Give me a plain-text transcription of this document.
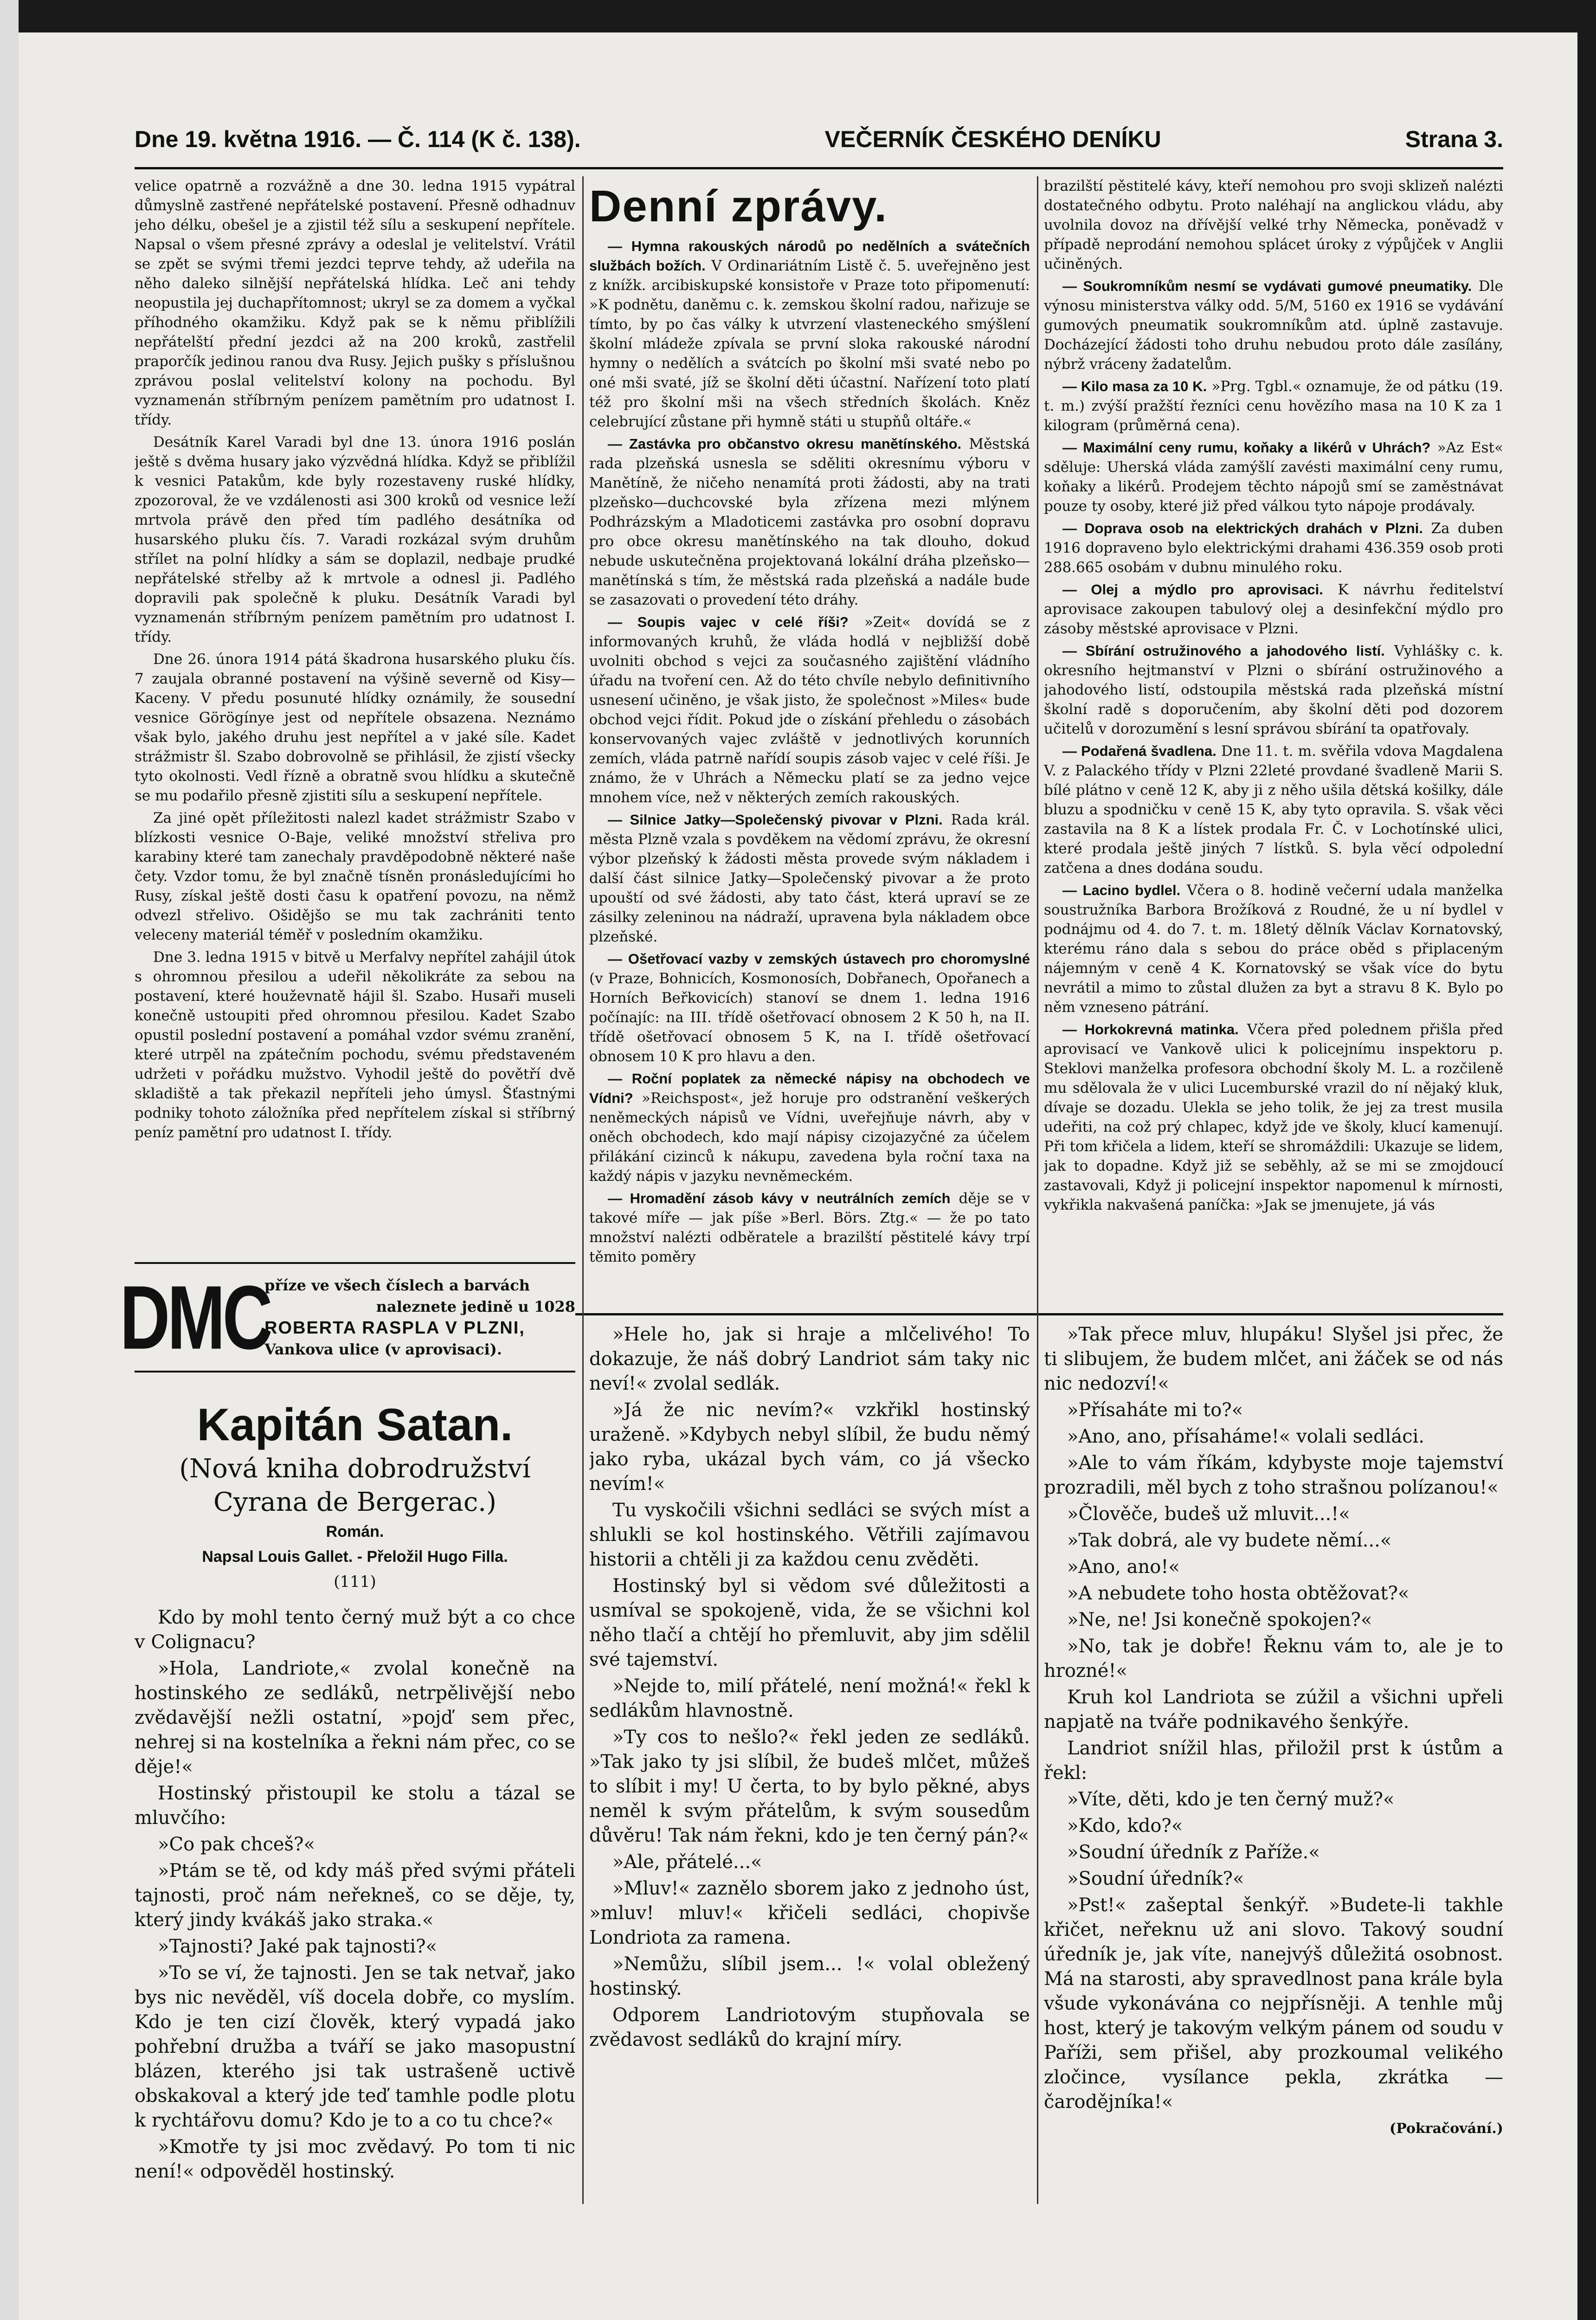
Dne 19. května 1916. — Č. 114 (K č. 138).	VEČERNÍK ČESKÉHO DENÍKU	Strana 3.

velice opatrně a rozvážně a dne 30. ledna 1915 vypátral důmyslně zastřené nepřátelské postavení. Přesně odhadnuv jeho délku, obešel je a zjistil též sílu a seskupení nepřítele. Napsal o všem přesné zprávy a odeslal je velitelství. Vrátil se zpět se svými třemi jezdci teprve tehdy, až udeřila na něho daleko silnější nepřátelská hlídka. Leč ani tehdy neopustila jej duchapřítomnost; ukryl se za domem a vyčkal příhodného okamžiku. Když pak se k němu přiblížili nepřátelští přední jezdci až na 200 kroků, zastřelil praporčík jedinou ranou dva Rusy. Jejich pušky s příslušnou zprávou poslal velitelství kolony na pochodu. Byl vyznamenán stříbrným penízem pamětním pro udatnost I. třídy.

Desátník Karel Varadi byl dne 13. února 1916 poslán ještě s dvěma husary jako výzvědná hlídka. Když se přiblížil k vesnici Patakům, kde byly rozestaveny ruské hlídky, zpozoroval, že ve vzdálenosti asi 300 kroků od vesnice leží mrtvola právě den před tím padlého desátníka od husarského pluku čís. 7. Varadi rozkázal svým druhům střílet na polní hlídky a sám se doplazil, nedbaje prudké nepřátelské střelby až k mrtvole a odnesl ji. Padlého dopravili pak společně k pluku. Desátník Varadi byl vyznamenán stříbrným penízem pamětním pro udatnost I. třídy.

Dne 26. února 1914 pátá škadrona husarského pluku čís. 7 zaujala obranné postavení na výšině severně od Kisy—Kaceny. V předu posunuté hlídky oznámily, že sousední vesnice Görögínye jest od nepřítele obsazena. Neznámo však bylo, jakého druhu jest nepřítel a v jaké síle. Kadet strážmistr šl. Szabo dobrovolně se přihlásil, že zjistí všecky tyto okolnosti. Vedl řízně a obratně svou hlídku a skutečně se mu podařilo přesně zjistiti sílu a seskupení nepřítele.

Za jiné opět příležitosti nalezl kadet strážmistr Szabo v blízkosti vesnice O-Baje, veliké množství střeliva pro karabiny které tam zanechaly pravděpodobně některé naše čety. Vzdor tomu, že byl značně tísněn pronásledujícími ho Rusy, získal ještě dosti času k opatření povozu, na němž odvezl střelivo. Ošidějšo se mu tak zachrániti tento veleceny materiál téměř v posledním okamžiku.

Dne 3. ledna 1915 v bitvě u Merfalvy nepřítel zahájil útok s ohromnou přesilou a udeřil několikráte za sebou na postavení, které houževnatě hájil šl. Szabo. Husaři museli konečně ustoupiti před ohromnou přesilou. Kadet Szabo opustil poslední postavení a pomáhal vzdor svému zranění, které utrpěl na zpátečním pochodu, svému představeném udržeti v pořádku mužstvo. Vyhodil ještě do povětří dvě skladiště a tak překazil nepříteli jeho úmysl. Šťastnými podniky tohoto záložníka před nepřítelem získal si stříbrný peníz pamětní pro udatnost I. třídy.

Denní zprávy.

— Hymna rakouských národů po nedělních a svátečních službách božích. V Ordinariátním Listě č. 5. uveřejněno jest z knížk. arcibiskupské konsistoře v Praze toto připomenutí: »K podnětu, daněmu c. k. zemskou školní radou, nařizuje se tímto, by po čas války k utvrzení vlasteneckého smýšlení školní mládeže zpívala se první sloka rakouské národní hymny o nedělích a svátcích po školní mši svaté nebo po oné mši svaté, jíž se školní děti účastní. Nařízení toto platí též pro školní mši na všech středních školách. Kněz celebrující zůstane při hymně státi u stupňů oltáře.«

— Zastávka pro občanstvo okresu manětínského. Městská rada plzeňská usnesla se sděliti okresnímu výboru v Manětíně, že ničeho nenamítá proti žádosti, aby na trati plzeňsko—duchcovské byla zřízena mezi mlýnem Podhrázským a Mladoticemi zastávka pro osobní dopravu pro obce okresu manětínského na tak dlouho, dokud nebude uskutečněna projektovaná lokální dráha plzeňsko—manětínská s tím, že městská rada plzeňská a nadále bude se zasazovati o provedení této dráhy.

— Soupis vajec v celé říši? »Zeit« dovídá se z informovaných kruhů, že vláda hodlá v nejbližší době uvolniti obchod s vejci za současného zajištění vládního úřadu na tvoření cen. Až do této chvíle nebylo definitivního usnesení učiněno, je však jisto, že společnost »Miles« bude obchod vejci řídit. Pokud jde o získání přehledu o zásobách konservovaných vajec zvláště v jednotlivých korunních zemích, vláda patrně nařídí soupis zásob vajec v celé říši. Je známo, že v Uhrách a Německu platí se za jedno vejce mnohem více, než v některých zemích rakouských.

— Silnice Jatky—Společenský pivovar v Plzni. Rada král. města Plzně vzala s povděkem na vědomí zprávu, že okresní výbor plzeňský k žádosti města provede svým nákladem i další část silnice Jatky—Společenský pivovar a že proto upouští od své žádosti, aby tato část, která upraví se ze zásilky zeleninou na nádraží, upravena byla nákladem obce plzeňské.

— Ošetřovací vazby v zemských ústavech pro choromyslné (v Praze, Bohnicích, Kosmonosích, Dobřanech, Opořanech a Horních Beřkovicích) stanoví se dnem 1. ledna 1916 počínajíc: na III. třídě ošetřovací obnosem 2 K 50 h, na II. třídě ošetřovací obnosem 5 K, na I. třídě ošetřovací obnosem 10 K pro hlavu a den.

— Roční poplatek za německé nápisy na obchodech ve Vídni? »Reichspost«, jež horuje pro odstranění veškerých neněmeckých nápisů ve Vídni, uveřejňuje návrh, aby v oněch obchodech, kdo mají nápisy cizojazyčné za účelem přilákání cizinců k nákupu, zavedena byla roční taxa na každý nápis v jazyku nevněmeckém.

— Hromadění zásob kávy v neutrálních zemích děje se v takové míře — jak píše »Berl. Börs. Ztg.« — že po tato množství nalézti odběratele a brazilští pěstitelé kávy trpí těmito poměry

brazilští pěstitelé kávy, kteří nemohou pro svoji sklizeň nalézti dostatečného odbytu. Proto naléhají na anglickou vládu, aby uvolnila dovoz na dřívější velké trhy Německa, poněvadž v případě neprodání nemohou splácet úroky z výpůjček v Anglii učiněných.

— Soukromníkům nesmí se vydávati gumové pneumatiky. Dle výnosu ministerstva války odd. 5/M, 5160 ex 1916 se vydávání gumových pneumatik soukromníkům atd. úplně zastavuje. Docházející žádosti toho druhu nebudou proto dále zasílány, nýbrž vráceny žadatelům.

— Kilo masa za 10 K. »Prg. Tgbl.« oznamuje, že od pátku (19. t. m.) zvýší pražští řezníci cenu hovězího masa na 10 K za 1 kilogram (průměrná cena).

— Maximální ceny rumu, koňaky a likérů v Uhrách? »Az Est« sděluje: Uherská vláda zamýšlí zavésti maximální ceny rumu, koňaky a likérů. Prodejem těchto nápojů smí se zaměstnávat pouze ty osoby, které již před válkou tyto nápoje prodávaly.

— Doprava osob na elektrických drahách v Plzni. Za duben 1916 dopraveno bylo elektrickými drahami 436.359 osob proti 288.665 osobám v dubnu minulého roku.

— Olej a mýdlo pro aprovisaci. K návrhu ředitelství aprovisace zakoupen tabulový olej a desinfekční mýdlo pro zásoby městské aprovisace v Plzni.

— Sbírání ostružinového a jahodového listí. Vyhlášky c. k. okresního hejtmanství v Plzni o sbírání ostružinového a jahodového listí, odstoupila městská rada plzeňská místní školní radě s doporučením, aby školní děti pod dozorem učitelů v dorozumění s lesní správou sbírání ta opatřovaly.

— Podařená švadlena. Dne 11. t. m. svěřila vdova Magdalena V. z Palackého třídy v Plzni 22leté provdané švadleně Marii S. bílé plátno v ceně 12 K, aby ji z něho ušila dětská košilky, dále bluzu a spodničku v ceně 15 K, aby tyto opravila. S. však věci zastavila na 8 K a lístek prodala Fr. Č. v Lochotínské ulici, které prodala ještě jiných 7 lístků. S. byla věcí odpolední zatčena a dnes dodána soudu.

— Lacino bydlel. Včera o 8. hodině večerní udala manželka soustružníka Barbora Brožíková z Roudné, že u ní bydlel v podnájmu od 4. do 7. t. m. 18letý dělník Václav Kornatovský, kterému ráno dala s sebou do práce oběd s připlaceným nájemným v ceně 4 K. Kornatovský se však více do bytu nevrátil a mimo to zůstal dlužen za byt a stravu 8 K. Bylo po něm vzneseno pátrání.

— Horkokrevná matinka. Včera před polednem přišla před aprovisací ve Vankově ulici k policejnímu inspektoru p. Steklovi manželka profesora obchodní školy M. L. a rozčileně mu sdělovala že v ulici Lucemburské vrazil do ní nějaký kluk, dívaje se dozadu. Ulekla se jeho tolik, že jej za trest musila udeřiti, na což prý chlapec, když jde ve školy, klucí kamenují. Při tom křičela a lidem, kteří se shromáždili: Ukazuje se lidem, jak to dopadne. Když již se seběhly, až se mi se zmojdoucí zastavovali, Když ji policejní inspektor napomenul k mírnosti, vykřikla nakvašená paníčka: »Jak se jmenujete, já vás

DMC
příze ve všech číslech a barvách
naleznete jedině u 1028
ROBERTA RASPLA V PLZNI,
Vankova ulice (v aprovisaci).
Kapitán Satan.
(Nová kniha dobrodružství Cyrana de Bergerac.)
Román.
Napsal Louis Gallet. - Přeložil Hugo Filla.
(111)

Kdo by mohl tento černý muž být a co chce v Colignacu?

»Hola, Landriote,« zvolal konečně na hostinského ze sedláků, netrpělivější nebo zvědavější nežli ostatní, »pojď sem přec, nehrej si na kostelníka a řekni nám přec, co se děje!«

Hostinský přistoupil ke stolu a tázal se mluvčího:

»Co pak chceš?«

»Ptám se tě, od kdy máš před svými přáteli tajnosti, proč nám neřekneš, co se děje, ty, který jindy kvákáš jako straka.«

»Tajnosti? Jaké pak tajnosti?«

»To se ví, že tajnosti. Jen se tak netvař, jako bys nic nevěděl, víš docela dobře, co myslím. Kdo je ten cizí člověk, který vypadá jako pohřební družba a tváří se jako masopustní blázen, kterého jsi tak ustrašeně uctivě obskakoval a který jde teď tamhle podle plotu k rychtářovu domu? Kdo je to a co tu chce?«

»Kmotře ty jsi moc zvědavý. Po tom ti nic není!« odpověděl hostinský.

»Hele ho, jak si hraje a mlčelivého! To dokazuje, že náš dobrý Landriot sám taky nic neví!« zvolal sedlák.

»Já že nic nevím?« vzkřikl hostinský uraženě. »Kdybych nebyl slíbil, že budu němý jako ryba, ukázal bych vám, co já všecko nevím!«

Tu vyskočili všichni sedláci se svých míst a shlukli se kol hostinského. Větřili zajímavou historii a chtěli ji za každou cenu zvěděti.

Hostinský byl si vědom své důležitosti a usmíval se spokojeně, vida, že se všichni kol něho tlačí a chtějí ho přemluvit, aby jim sdělil své tajemství.

»Nejde to, milí přátelé, není možná!« řekl k sedlákům hlavnostně.

»Ty cos to nešlo?« řekl jeden ze sedláků. »Tak jako ty jsi slíbil, že budeš mlčet, můžeš to slíbit i my! U čerta, to by bylo pěkné, abys neměl k svým přátelům, k svým sousedům důvěru! Tak nám řekni, kdo je ten černý pán?«

»Ale, přátelé...«

»Mluv!« zaznělo sborem jako z jednoho úst, »mluv! mluv!« křičeli sedláci, chopivše Londriota za ramena.

»Nemůžu, slíbil jsem... !« volal obležený hostinský.

Odporem Landriotovým stupňovala se zvědavost sedláků do krajní míry.

»Tak přece mluv, hlupáku! Slyšel jsi přec, že ti slibujem, že budem mlčet, ani žáček se od nás nic nedozví!«

»Přísaháte mi to?«

»Ano, ano, přísaháme!« volali sedláci.

»Ale to vám říkám, kdybyste moje tajemství prozradili, měl bych z toho strašnou polízanou!«

»Člověče, budeš už mluvit...!«

»Tak dobrá, ale vy budete němí...«

»Ano, ano!«

»A nebudete toho hosta obtěžovat?«

»Ne, ne! Jsi konečně spokojen?«

»No, tak je dobře! Řeknu vám to, ale je to hrozné!«

Kruh kol Landriota se zúžil a všichni upřeli napjatě na tváře podnikavého šenkýře.

Landriot snížil hlas, přiložil prst k ústům a řekl:

»Víte, děti, kdo je ten černý muž?«

»Kdo, kdo?«

»Soudní úředník z Paříže.«

»Soudní úředník?«

»Pst!« zašeptal šenkýř. »Budete-li takhle křičet, neřeknu už ani slovo. Takový soudní úředník je, jak víte, nanejvýš důležitá osobnost. Má na starosti, aby spravedlnost pana krále byla všude vykonávána co nejpřísněji. A tenhle můj host, který je takovým velkým pánem od soudu v Paříži, sem přišel, aby prozkoumal velikého zločince, vysílance pekla, zkrátka — čarodějníka!«

(Pokračování.)
